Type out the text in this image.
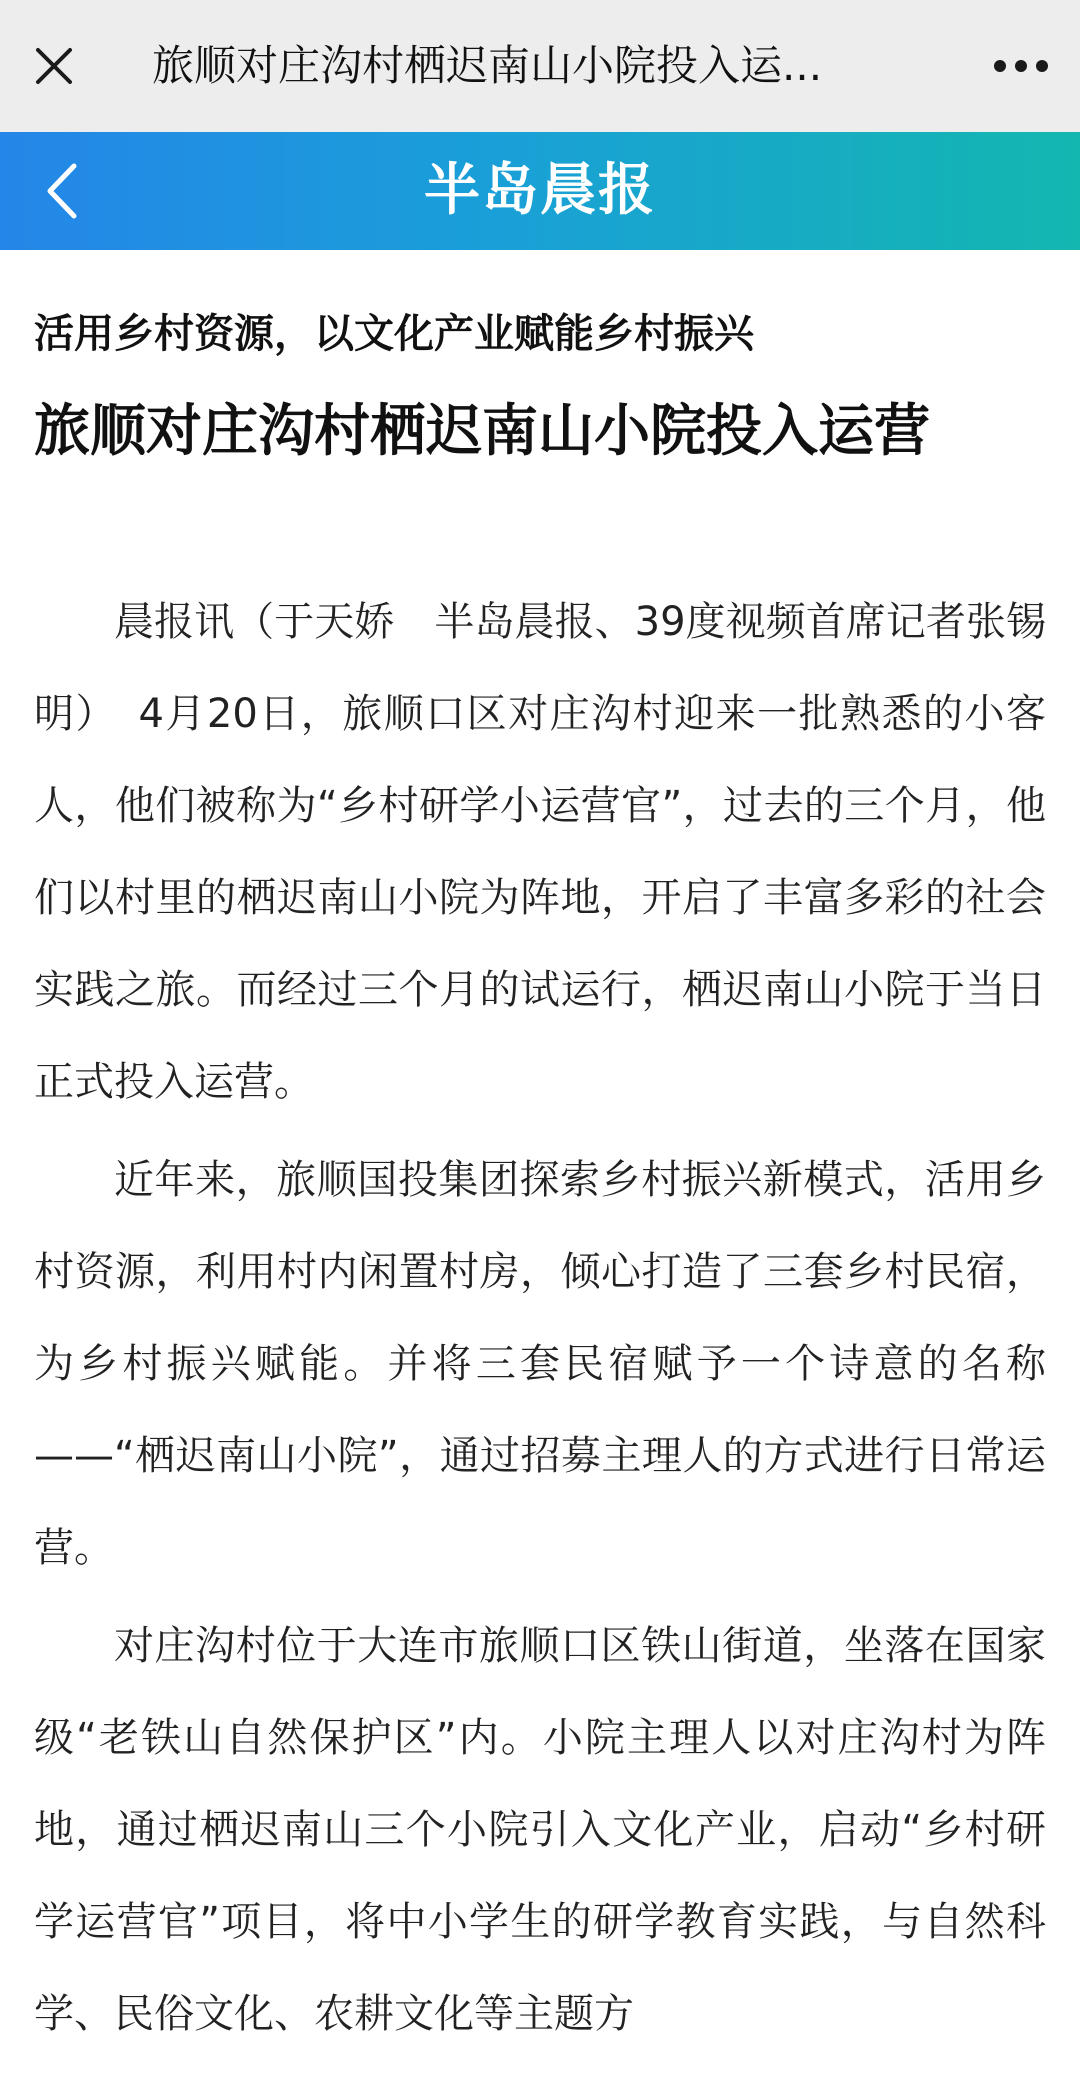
旅顺对庄沟村栖迟南山小院投入运...
半岛晨报
活用乡村资源，以文化产业赋能乡村振兴
旅顺对庄沟村栖迟南山小院投入运营

晨报讯（于天娇　半岛晨报、39度视频首席记者张锡明）　4月20日，旅顺口区对庄沟村迎来一批熟悉的小客人，他们被称为“乡村研学小运营官”，过去的三个月，他们以村里的栖迟南山小院为阵地，开启了丰富多彩的社会实践之旅。而经过三个月的试运行，栖迟南山小院于当日正式投入运营。

近年来，旅顺国投集团探索乡村振兴新模式，活用乡村资源，利用村内闲置村房，倾心打造了三套乡村民宿，为乡村振兴赋能。并将三套民宿赋予一个诗意的名称——“栖迟南山小院”，通过招募主理人的方式进行日常运营。

对庄沟村位于大连市旅顺口区铁山街道，坐落在国家级“老铁山自然保护区”内。小院主理人以对庄沟村为阵地，通过栖迟南山三个小院引入文化产业，启动“乡村研学运营官”项目，将中小学生的研学教育实践，与自然科学、民俗文化、农耕文化等主题方
